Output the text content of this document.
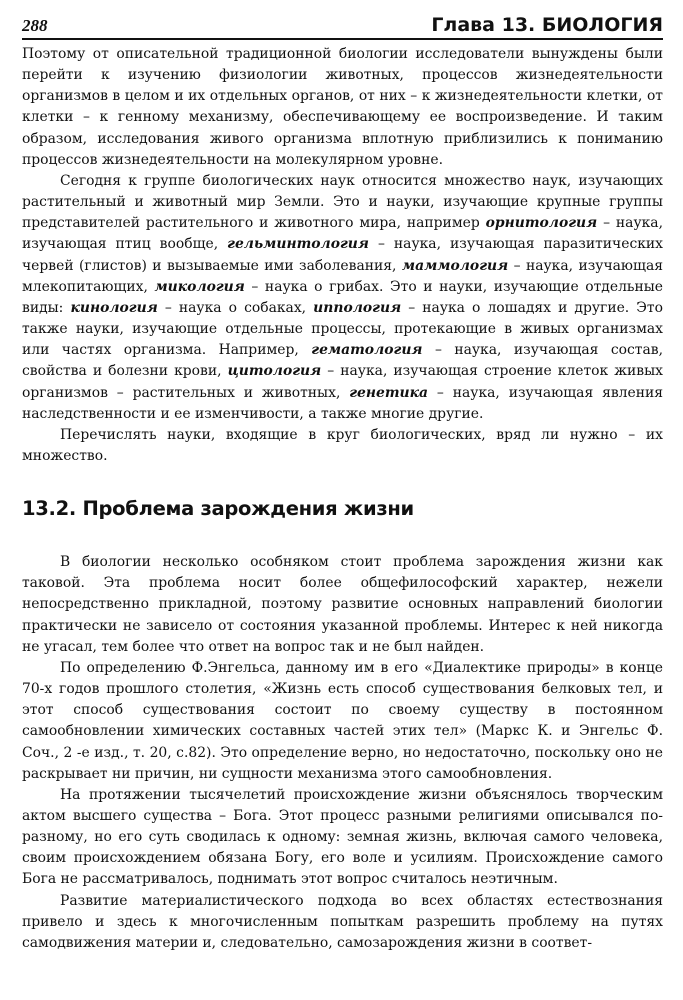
288	Глава 13. БИОЛОГИЯ

Поэтому от описательной традиционной биологии исследователи вынуждены были перейти к изучению физиологии животных, процессов жизнедеятельности организмов в целом и их отдельных органов, от них – к жизнедеятельности клетки, от клетки – к генному механизму, обеспечивающему ее воспроизведение. И таким образом, исследования живого организма вплотную приблизились к пониманию процессов жизнедеятельности на молекулярном уровне.

Сегодня к группе биологических наук относится множество наук, изучающих растительный и животный мир Земли. Это и науки, изучающие крупные группы представителей растительного и животного мира, например орнитология – наука, изучающая птиц вообще, гельминтология – наука, изучающая паразитических червей (глистов) и вызываемые ими заболевания, маммология – наука, изучающая млекопитающих, микология – наука о грибах. Это и науки, изучающие отдельные виды: кинология – наука о собаках, иппология – наука о лошадях и другие. Это также науки, изучающие отдельные процессы, протекающие в живых организмах или частях организма. Например, гематология – наука, изучающая состав, свойства и болезни крови, цитология – наука, изучающая строение клеток живых организмов – растительных и животных, генетика – наука, изучающая явления наследственности и ее изменчивости, а также многие другие.

Перечислять науки, входящие в круг биологических, вряд ли нужно – их множество.

13.2. Проблема зарождения жизни

В биологии несколько особняком стоит проблема зарождения жизни как таковой. Эта проблема носит более общефилософский характер, нежели непосредственно прикладной, поэтому развитие основных направлений биологии практически не зависело от состояния указанной проблемы. Интерес к ней никогда не угасал, тем более что ответ на вопрос так и не был найден.

По определению Ф.Энгельса, данному им в его «Диалектике природы» в конце 70-х годов прошлого столетия, «Жизнь есть способ существования белковых тел, и этот способ существования состоит по своему существу в постоянном самообновлении химических составных частей этих тел» (Маркс К. и Энгельс Ф. Соч., 2 -е изд., т. 20, с.82). Это определение верно, но недостаточно, поскольку оно не раскрывает ни причин, ни сущности механизма этого самообновления.

На протяжении тысячелетий происхождение жизни объяснялось творческим актом высшего существа – Бога. Этот процесс разными религиями описывался по-разному, но его суть сводилась к одному: земная жизнь, включая самого человека, своим происхождением обязана Богу, его воле и усилиям. Происхождение самого Бога не рассматривалось, поднимать этот вопрос считалось неэтичным.

Развитие материалистического подхода во всех областях естествознания привело и здесь к многочисленным попыткам разрешить проблему на путях самодвижения материи и, следовательно, самозарождения жизни в соответ-
